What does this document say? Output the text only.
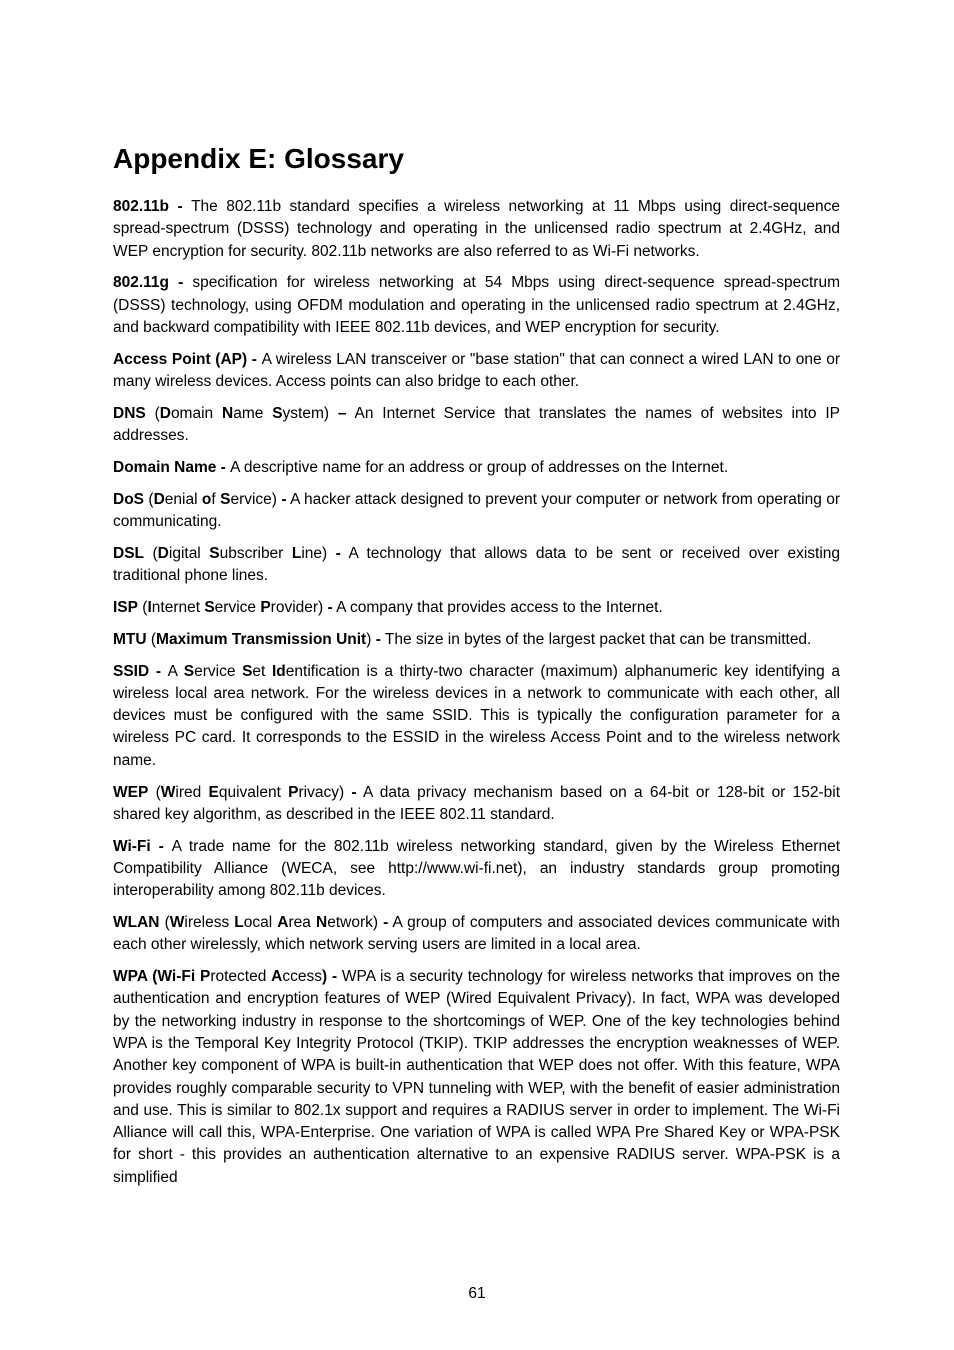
Appendix E: Glossary

802.11b - The 802.11b standard specifies a wireless networking at 11 Mbps using direct-sequence spread-spectrum (DSSS) technology and operating in the unlicensed radio spectrum at 2.4GHz, and WEP encryption for security. 802.11b networks are also referred to as Wi-Fi networks.

802.11g - specification for wireless networking at 54 Mbps using direct-sequence spread-spectrum (DSSS) technology, using OFDM modulation and operating in the unlicensed radio spectrum at 2.4GHz, and backward compatibility with IEEE 802.11b devices, and WEP encryption for security.

Access Point (AP) - A wireless LAN transceiver or "base station" that can connect a wired LAN to one or many wireless devices. Access points can also bridge to each other.

DNS (Domain Name System) – An Internet Service that translates the names of websites into IP addresses.

Domain Name - A descriptive name for an address or group of addresses on the Internet.

DoS (Denial of Service) - A hacker attack designed to prevent your computer or network from operating or communicating.

DSL (Digital Subscriber Line) - A technology that allows data to be sent or received over existing traditional phone lines.

ISP (Internet Service Provider) - A company that provides access to the Internet.

MTU (Maximum Transmission Unit) - The size in bytes of the largest packet that can be transmitted.

SSID - A Service Set Identification is a thirty-two character (maximum) alphanumeric key identifying a wireless local area network. For the wireless devices in a network to communicate with each other, all devices must be configured with the same SSID. This is typically the configuration parameter for a wireless PC card. It corresponds to the ESSID in the wireless Access Point and to the wireless network name.

WEP (Wired Equivalent Privacy) - A data privacy mechanism based on a 64-bit or 128-bit or 152-bit shared key algorithm, as described in the IEEE 802.11 standard.

Wi-Fi - A trade name for the 802.11b wireless networking standard, given by the Wireless Ethernet Compatibility Alliance (WECA, see http://www.wi-fi.net), an industry standards group promoting interoperability among 802.11b devices.

WLAN (Wireless Local Area Network) - A group of computers and associated devices communicate with each other wirelessly, which network serving users are limited in a local area.

WPA (Wi-Fi Protected Access) - WPA is a security technology for wireless networks that improves on the authentication and encryption features of WEP (Wired Equivalent Privacy). In fact, WPA was developed by the networking industry in response to the shortcomings of WEP. One of the key technologies behind WPA is the Temporal Key Integrity Protocol (TKIP). TKIP addresses the encryption weaknesses of WEP. Another key component of WPA is built-in authentication that WEP does not offer. With this feature, WPA provides roughly comparable security to VPN tunneling with WEP, with the benefit of easier administration and use. This is similar to 802.1x support and requires a RADIUS server in order to implement. The Wi-Fi Alliance will call this, WPA-Enterprise. One variation of WPA is called WPA Pre Shared Key or WPA-PSK for short - this provides an authentication alternative to an expensive RADIUS server. WPA-PSK is a simplified

61
